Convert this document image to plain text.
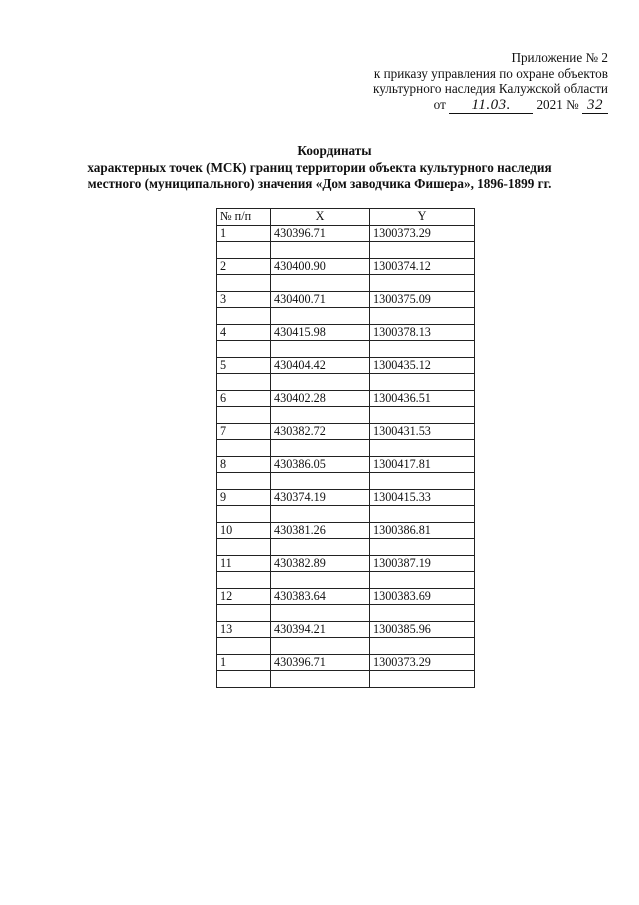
Приложение № 2
к приказу управления по охране объектов
культурного наследия Калужской области
от 11.03. 2021 № 32
Координаты
характерных точек (МСК) границ территории объекта культурного наследия
местного (муниципального) значения «Дом заводчика Фишера», 1896-1899 гг.
№ п/п	X	Y
1	430396.71	1300373.29

2	430400.90	1300374.12

3	430400.71	1300375.09

4	430415.98	1300378.13

5	430404.42	1300435.12

6	430402.28	1300436.51

7	430382.72	1300431.53

8	430386.05	1300417.81

9	430374.19	1300415.33

10	430381.26	1300386.81

11	430382.89	1300387.19

12	430383.64	1300383.69

13	430394.21	1300385.96

1	430396.71	1300373.29
